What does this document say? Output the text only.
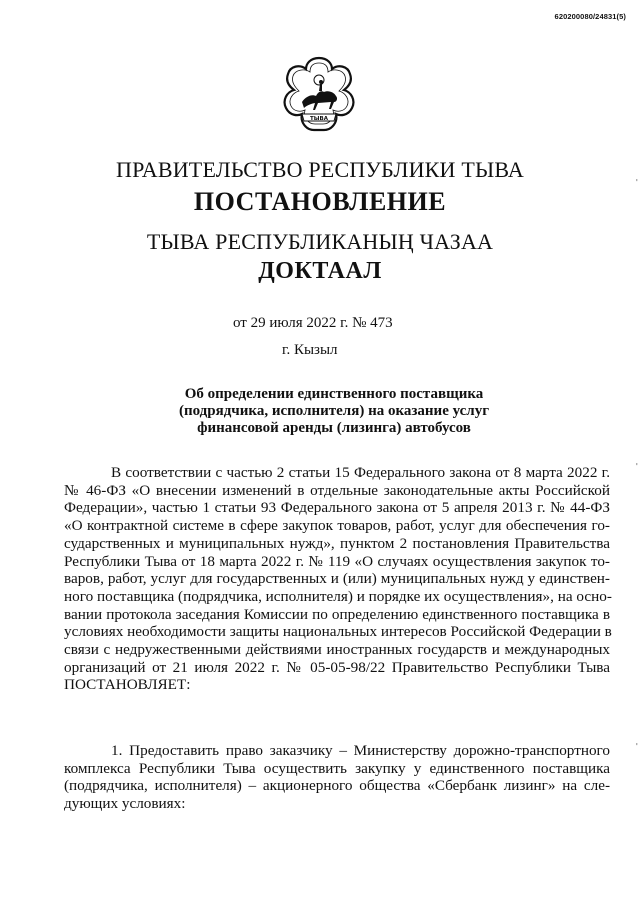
620200080/24831(5)
ТЫВА
ПРАВИТЕЛЬСТВО РЕСПУБЛИКИ ТЫВА
ПОСТАНОВЛЕНИЕ
ТЫВА РЕСПУБЛИКАНЫҢ ЧАЗАА
ДОКТААЛ
от 29 июля 2022 г. № 473
г. Кызыл
Об определении единственного поставщика
(подрядчика, исполнителя) на оказание услуг
финансовой аренды (лизинга) автобусов
В соответствии с частью 2 статьи 15 Федерального закона от 8 марта 2022 г.
№ 46-ФЗ «О внесении изменений в отдельные законодательные акты Российской
Федерации», частью 1 статьи 93 Федерального закона от 5 апреля 2013 г. № 44-ФЗ
«О контрактной системе в сфере закупок товаров, работ, услуг для обеспечения го-
сударственных и муниципальных нужд», пунктом 2 постановления Правительства
Республики Тыва от 18 марта 2022 г. № 119 «О случаях осуществления закупок то-
варов, работ, услуг для государственных и (или) муниципальных нужд у единствен-
ного поставщика (подрядчика, исполнителя) и порядке их осуществления», на осно-
вании протокола заседания Комиссии по определению единственного поставщика в
условиях необходимости защиты национальных интересов Российской Федерации в
связи с недружественными действиями иностранных государств и международных
организаций от 21 июля 2022 г. № 05-05-98/22 Правительство Республики Тыва
ПОСТАНОВЛЯЕТ:
1. Предоставить право заказчику – Министерству дорожно-транспортного
комплекса Республики Тыва осуществить закупку у единственного поставщика
(подрядчика, исполнителя) – акционерного общества «Сбербанк лизинг» на сле-
дующих условиях:
'
'
'
